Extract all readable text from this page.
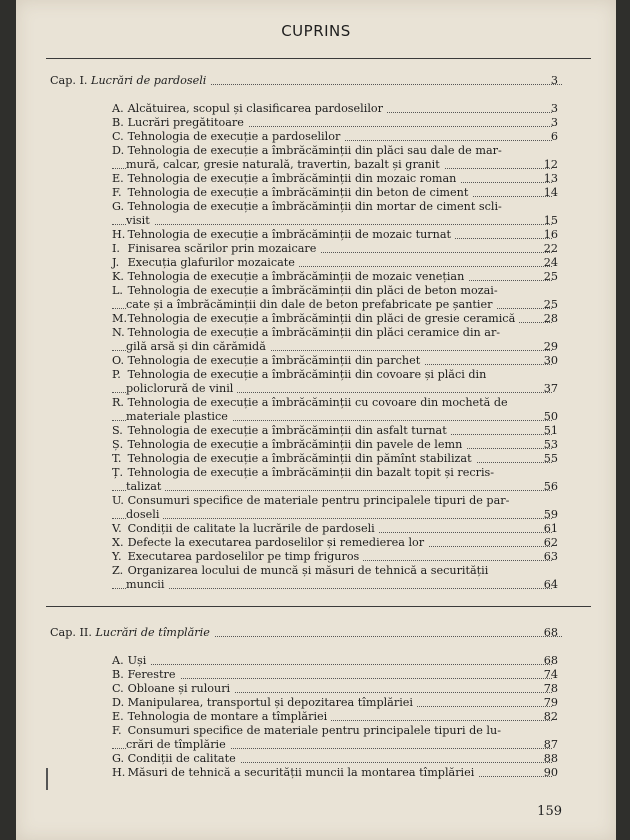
CUPRINS
Cap. I. Lucrări de pardoseli	3
A. Alcătuirea, scopul și clasificarea pardoselilor	3
B. Lucrări pregătitoare	3
C. Tehnologia de execuție a pardoselilor	6
D. Tehnologia de execuție a îmbrăcăminții din plăci sau dale de mar-
mură, calcar, gresie naturală, travertin, bazalt și granit	12
E. Tehnologia de execuție a îmbrăcăminții din mozaic roman	13
F. Tehnologia de execuție a îmbrăcăminții din beton de ciment	14
G. Tehnologia de execuție a îmbrăcăminții din mortar de ciment scli-
visit	15
H. Tehnologia de execuție a îmbrăcăminții de mozaic turnat	16
I. Finisarea scărilor prin mozaicare	22
J. Execuția glafurilor mozaicate	24
K. Tehnologia de execuție a îmbrăcăminții de mozaic venețian	25
L. Tehnologia de execuție a îmbrăcăminții din plăci de beton mozai-
cate și a îmbrăcăminții din dale de beton prefabricate pe șantier	25
M. Tehnologia de execuție a îmbrăcăminții din plăci de gresie ceramică	28
N. Tehnologia de execuție a îmbrăcăminții din plăci ceramice din ar-
gilă arsă și din cărămidă	29
O. Tehnologia de execuție a îmbrăcăminții din parchet	30
P. Tehnologia de execuție a îmbrăcăminții din covoare și plăci din
policlorură de vinil	37
R. Tehnologia de execuție a îmbrăcăminții cu covoare din mochetă de
materiale plastice	50
S. Tehnologia de execuție a îmbrăcăminții din asfalt turnat	51
Ș. Tehnologia de execuție a îmbrăcăminții din pavele de lemn	53
T. Tehnologia de execuție a îmbrăcăminții din pămînt stabilizat	55
Ț. Tehnologia de execuție a îmbrăcăminții din bazalt topit și recris-
talizat	56
U. Consumuri specifice de materiale pentru principalele tipuri de par-
doseli	59
V. Condiții de calitate la lucrările de pardoseli	61
X. Defecte la executarea pardoselilor și remedierea lor	62
Y. Executarea pardoselilor pe timp friguros	63
Z. Organizarea locului de muncă și măsuri de tehnică a securității
muncii	64
Cap. II. Lucrări de tîmplărie	68
A. Uși	68
B. Ferestre	74
C. Obloane și rulouri	78
D. Manipularea, transportul și depozitarea tîmplăriei	79
E. Tehnologia de montare a tîmplăriei	82
F. Consumuri specifice de materiale pentru principalele tipuri de lu-
crări de tîmplărie	87
G. Condiții de calitate	88
H. Măsuri de tehnică a securității muncii la montarea tîmplăriei	90
159
